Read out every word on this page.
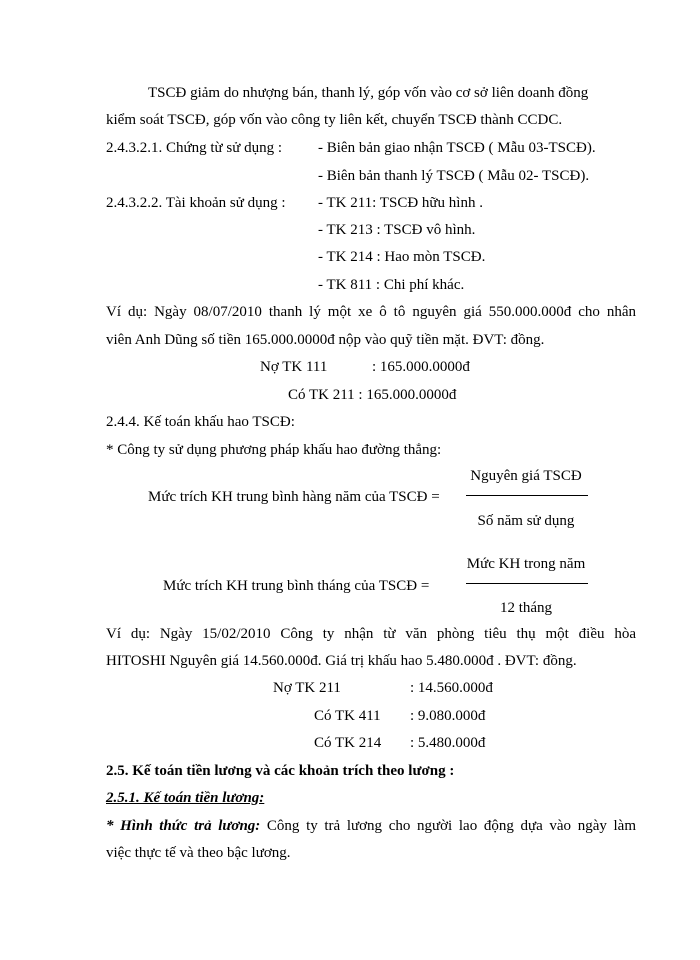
TSCĐ giảm do nhượng bán, thanh lý, góp vốn vào cơ sở liên doanh đồng
kiểm soát TSCĐ, góp vốn vào công ty liên kết, chuyển TSCĐ thành CCDC.
2.4.3.2.1. Chứng từ sử dụng : - Biên bản giao nhận TSCĐ ( Mẫu 03-TSCĐ).
- Biên bản thanh lý TSCĐ ( Mẫu 02- TSCĐ).
2.4.3.2.2. Tài khoản sử dụng : - TK 211: TSCĐ hữu hình .
- TK 213 : TSCĐ vô hình.
- TK 214 : Hao mòn TSCĐ.
- TK 811 : Chi phí khác.
Ví dụ: Ngày 08/07/2010 thanh lý một xe ô tô nguyên giá 550.000.000đ cho nhân
viên Anh Dũng số tiền 165.000.0000đ nộp vào quỹ tiền mặt. ĐVT: đồng.
Nợ TK 111	: 165.000.0000đ
Có TK 211 : 165.000.0000đ
2.4.4. Kế toán khấu hao TSCĐ:
* Công ty sử dụng phương pháp khấu hao đường thẳng:
Mức trích KH trung bình hàng năm của TSCĐ =
Nguyên giá TSCĐ
Số năm sử dụng
Mức trích KH trung bình tháng của TSCĐ =
Mức KH trong năm
12 tháng
Ví dụ: Ngày 15/02/2010 Công ty nhận từ văn phòng tiêu thụ một điều hòa
HITOSHI Nguyên giá 14.560.000đ. Giá trị khấu hao 5.480.000đ . ĐVT: đồng.
Nợ TK 211	: 14.560.000đ
Có TK 411 : 9.080.000đ
Có TK 214 : 5.480.000đ
2.5. Kế toán tiền lương và các khoản trích theo lương :
2.5.1. Kế toán tiền lương:
* Hình thức trả lương: Công ty trả lương cho người lao động dựa vào ngày làm
việc thực tế và theo bậc lương.
